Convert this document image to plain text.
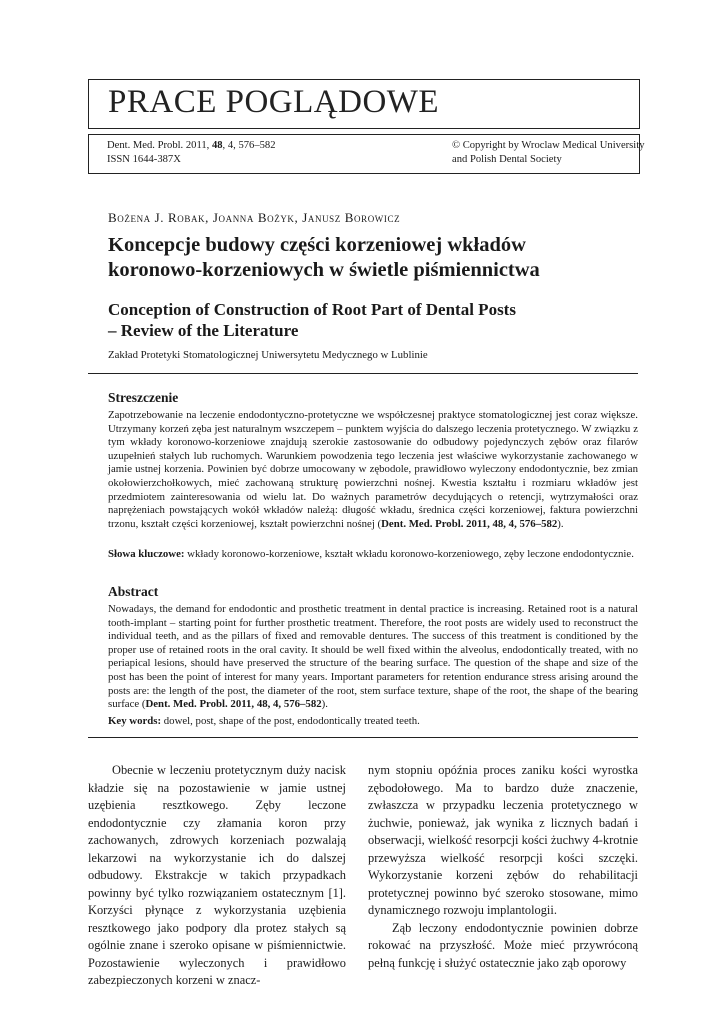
PRACE POGLĄDOWE
Dent. Med. Probl. 2011, 48, 4, 576–582
ISSN 1644-387X
© Copyright by Wroclaw Medical University
and Polish Dental Society
Bożena J. Robak, Joanna Bożyk, Janusz Borowicz
Koncepcje budowy części korzeniowej wkładów
koronowo-korzeniowych w świetle piśmiennictwa
Conception of Construction of Root Part of Dental Posts
– Review of the Literature
Zakład Protetyki Stomatologicznej Uniwersytetu Medycznego w Lublinie
Streszczenie

Zapotrzebowanie na leczenie endodontyczno-protetyczne we współczesnej praktyce stomatologicznej jest coraz większe. Utrzymany korzeń zęba jest naturalnym wszczepem – punktem wyjścia do dalszego leczenia protetycznego. W związku z tym wkłady koronowo-korzeniowe znajdują szerokie zastosowanie do odbudowy pojedynczych zębów oraz filarów uzupełnień stałych lub ruchomych. Warunkiem powodzenia tego leczenia jest właściwe wykorzystanie zachowanego w jamie ustnej korzenia. Powinien być dobrze umocowany w zębodole, prawidłowo wyleczony endodontycznie, bez zmian okołowierzchołkowych, mieć zachowaną strukturę powierzchni nośnej. Kwestia kształtu i rozmiaru wkładów jest przedmiotem zainteresowania od wielu lat. Do ważnych parametrów decydujących o retencji, wytrzymałości oraz naprężeniach powstających wokół wkładów należą: długość wkładu, średnica części korzeniowej, faktura powierzchni trzonu, kształt części korzeniowej, kształt powierzchni nośnej (Dent. Med. Probl. 2011, 48, 4, 576–582).

Słowa kluczowe: wkłady koronowo-korzeniowe, kształt wkładu koronowo-korzeniowego, zęby leczone endodontycznie.

Abstract

Nowadays, the demand for endodontic and prosthetic treatment in dental practice is increasing. Retained root is a natural tooth-implant – starting point for further prosthetic treatment. Therefore, the root posts are widely used to reconstruct the individual teeth, and as the pillars of fixed and removable dentures. The success of this treatment is conditioned by the proper use of retained roots in the oral cavity. It should be well fixed within the alveolus, endodontically treated, with no periapical lesions, should have preserved the structure of the bearing surface. The question of the shape and size of the post has been the point of interest for many years. Important parameters for retention endurance stress arising around the posts are: the length of the post, the diameter of the root, stem surface texture, shape of the root, the shape of the bearing surface (Dent. Med. Probl. 2011, 48, 4, 576–582).

Key words: dowel, post, shape of the post, endodontically treated teeth.

Obecnie w leczeniu protetycznym duży nacisk kładzie się na pozostawienie w jamie ustnej uzębienia resztkowego. Zęby leczone endodontycznie czy złamania koron przy zachowanych, zdrowych korzeniach pozwalają lekarzowi na wykorzystanie ich do dalszej odbudowy. Ekstrakcje w takich przypadkach powinny być tylko rozwiązaniem ostatecznym [1]. Korzyści płynące z wykorzystania uzębienia resztkowego jako podpory dla protez stałych są ogólnie znane i szeroko opisane w piśmiennictwie. Pozostawienie wyleczonych i prawidłowo zabezpieczonych korzeni w znacz-

nym stopniu opóźnia proces zaniku kości wyrostka zębodołowego. Ma to bardzo duże znaczenie, zwłaszcza w przypadku leczenia protetycznego w żuchwie, ponieważ, jak wynika z licznych badań i obserwacji, wielkość resorpcji kości żuchwy 4-krotnie przewyższa wielkość resorpcji kości szczęki. Wykorzystanie korzeni zębów do rehabilitacji protetycznej powinno być szeroko stosowane, mimo dynamicznego rozwoju implantologii.

Ząb leczony endodontycznie powinien dobrze rokować na przyszłość. Może mieć przywróconą pełną funkcję i służyć ostatecznie jako ząb oporowy
